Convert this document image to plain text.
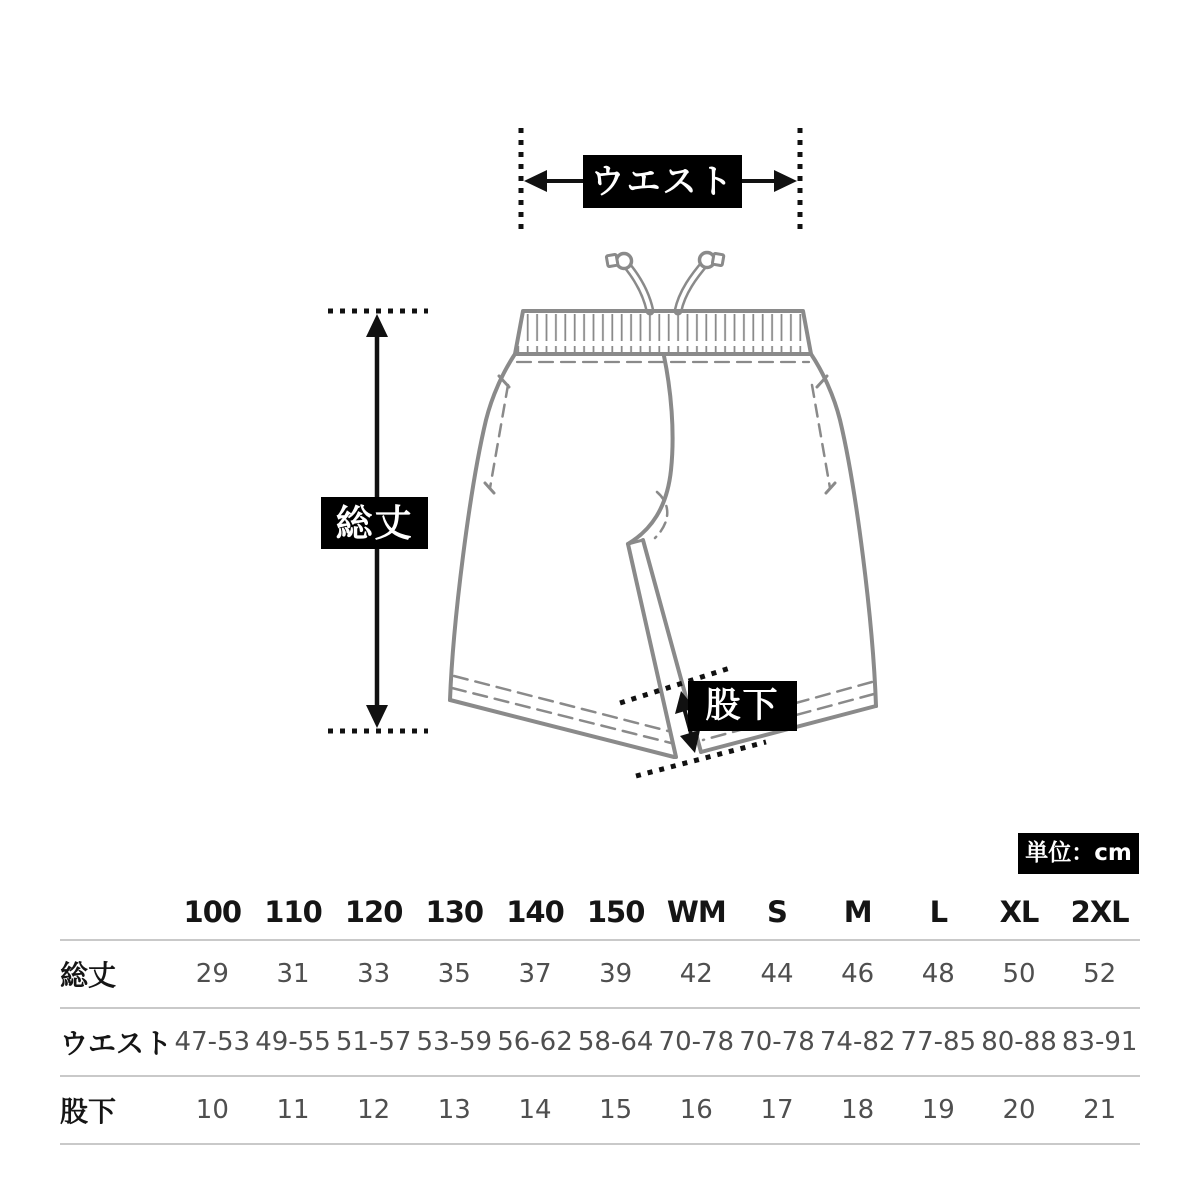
ウエスト
総丈
股下
単位：cm
100 110 120 130 140 150 WM	S	M	L	XL	2XL
総丈	29	31	33	35	37	39	42	44	46	48	50	52
ウエスト 47-53 49-55 51-57 53-59 56-62 58-64 70-78 70-78 74-82 77-85 80-88 83-91
股下	10	11	12	13	14	15	16	17	18	19	20	21
